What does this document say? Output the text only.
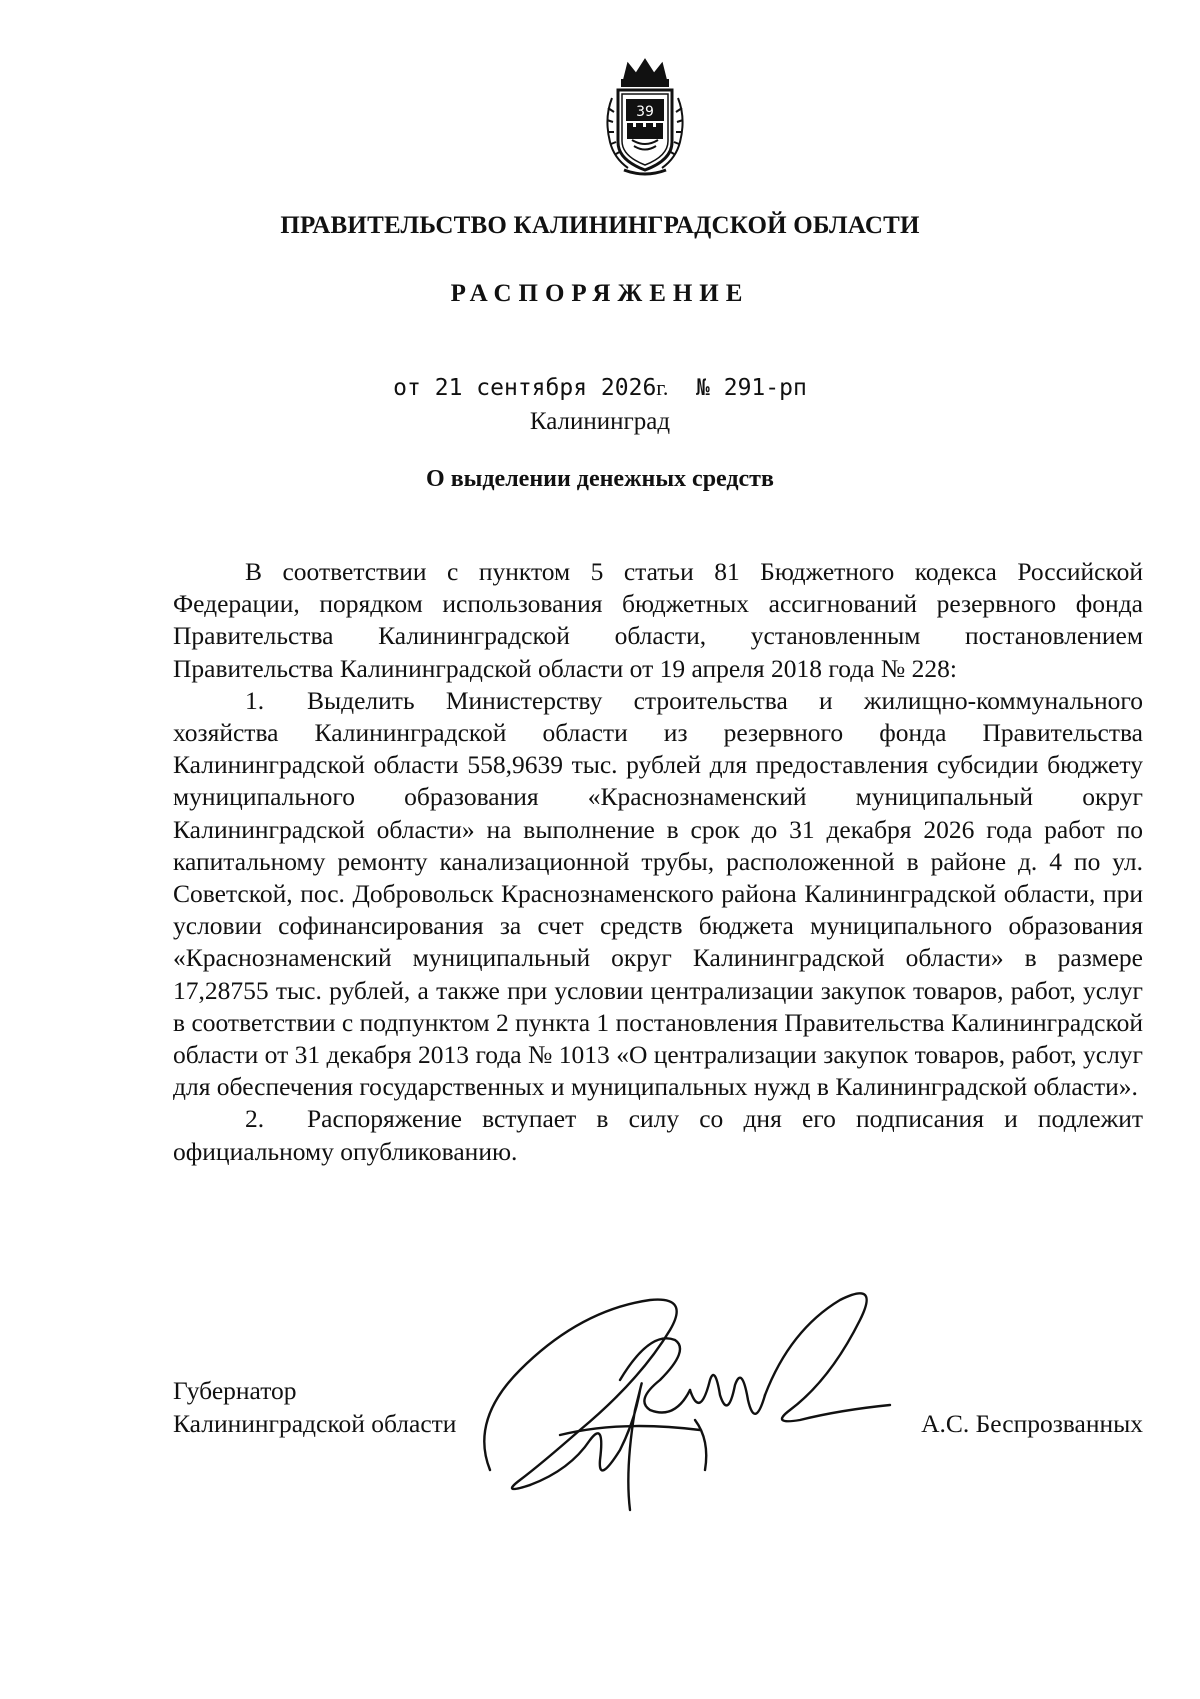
39
ПРАВИТЕЛЬСТВО КАЛИНИНГРАДСКОЙ ОБЛАСТИ
РАСПОРЯЖЕНИЕ
от 21 сентября 2026г. № 291-рп
Калининград
О выделении денежных средств

В соответствии с пунктом 5 статьи 81 Бюджетного кодекса Российской Федерации, порядком использования бюджетных ассигнований резервного фонда Правительства Калининградской области, установленным постановлением Правительства Калининградской области от 19 апреля 2018 года № 228:

1. Выделить Министерству строительства и жилищно-коммунального хозяйства Калининградской области из резервного фонда Правительства Калининградской области 558,9639 тыс. рублей для предоставления субсидии бюджету муниципального образования «Краснознаменский муниципальный округ Калининградской области» на выполнение в срок до 31 декабря 2026 года работ по капитальному ремонту канализационной трубы, расположенной в районе д. 4 по ул. Советской, пос. Добровольск Краснознаменского района Калининградской области, при условии софинансирования за счет средств бюджета муниципального образования «Краснознаменский муниципальный округ Калининградской области» в размере 17,28755 тыс. рублей, а также при условии централизации закупок товаров, работ, услуг в соответствии с подпунктом 2 пункта 1 постановления Правительства Калининградской области от 31 декабря 2013 года № 1013 «О централизации закупок товаров, работ, услуг для обеспечения государственных и муниципальных нужд в Калининградской области».

2. Распоряжение вступает в силу со дня его подписания и подлежит официальному опубликованию.

Губернатор
Калининградской области	А.С. Беспрозванных
